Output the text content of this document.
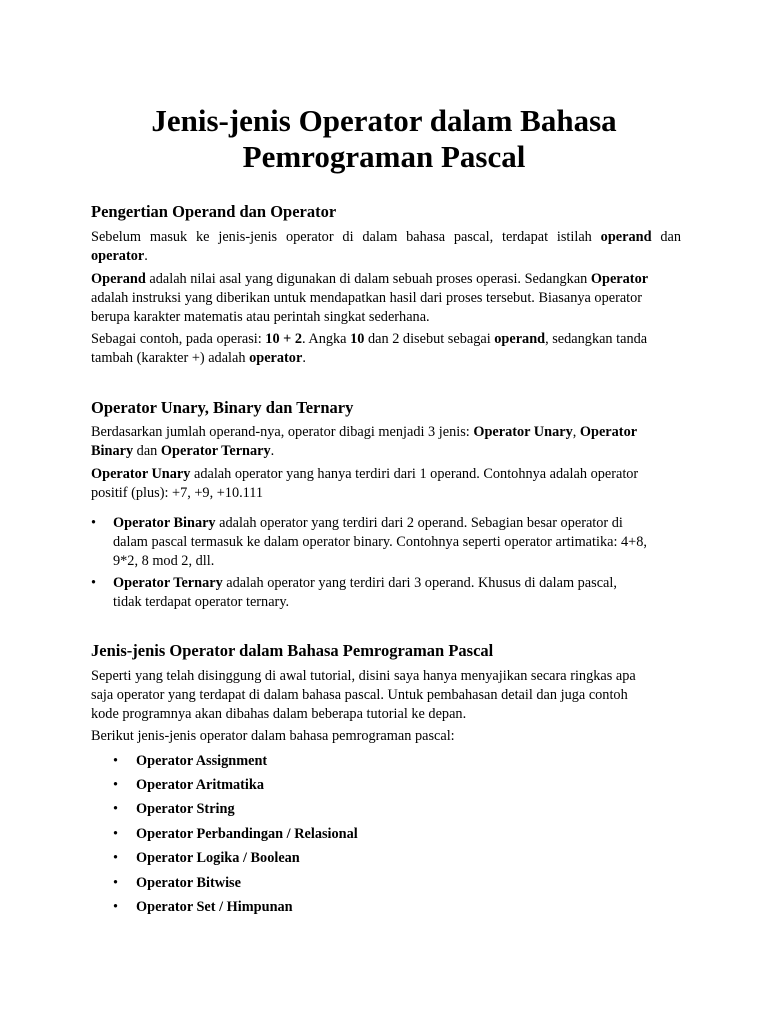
Jenis-jenis Operator dalam Bahasa
Pemrograman Pascal
Pengertian Operand dan Operator
Sebelum masuk ke jenis-jenis operator di dalam bahasa pascal, terdapat istilah operand dan
operator.
Operand adalah nilai asal yang digunakan di dalam sebuah proses operasi. Sedangkan Operator
adalah instruksi yang diberikan untuk mendapatkan hasil dari proses tersebut. Biasanya operator
berupa karakter matematis atau perintah singkat sederhana.
Sebagai contoh, pada operasi: 10 + 2. Angka 10 dan 2 disebut sebagai operand, sedangkan tanda
tambah (karakter +) adalah operator.
Operator Unary, Binary dan Ternary
Berdasarkan jumlah operand-nya, operator dibagi menjadi 3 jenis: Operator Unary, Operator
Binary dan Operator Ternary.
Operator Unary adalah operator yang hanya terdiri dari 1 operand. Contohnya adalah operator
positif (plus): +7, +9, +10.111
• Operator Binary adalah operator yang terdiri dari 2 operand. Sebagian besar operator di
dalam pascal termasuk ke dalam operator binary. Contohnya seperti operator artimatika: 4+8,
9*2, 8 mod 2, dll.
• Operator Ternary adalah operator yang terdiri dari 3 operand. Khusus di dalam pascal,
tidak terdapat operator ternary.
Jenis-jenis Operator dalam Bahasa Pemrograman Pascal
Seperti yang telah disinggung di awal tutorial, disini saya hanya menyajikan secara ringkas apa
saja operator yang terdapat di dalam bahasa pascal. Untuk pembahasan detail dan juga contoh
kode programnya akan dibahas dalam beberapa tutorial ke depan.
Berikut jenis-jenis operator dalam bahasa pemrograman pascal:
• Operator Assignment
• Operator Aritmatika
• Operator String
• Operator Perbandingan / Relasional
• Operator Logika / Boolean
• Operator Bitwise
• Operator Set / Himpunan
